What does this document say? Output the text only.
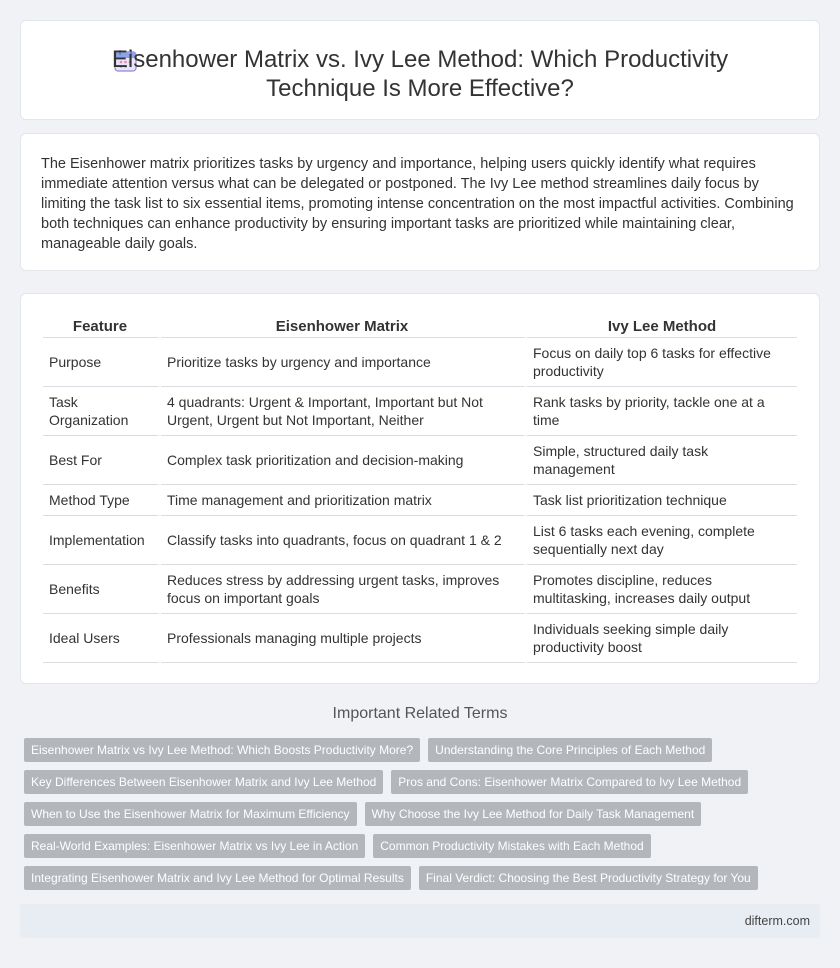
Eisenhower Matrix vs. Ivy Lee Method: Which Productivity
Technique Is More Effective?

The Eisenhower matrix prioritizes tasks by urgency and importance, helping users quickly identify what requires immediate attention versus what can be delegated or postponed. The Ivy Lee method streamlines daily focus by limiting the task list to six essential items, promoting intense concentration on the most impactful activities. Combining both techniques can enhance productivity by ensuring important tasks are prioritized while maintaining clear, manageable daily goals.

Feature	Eisenhower Matrix	Ivy Lee Method
Purpose	Prioritize tasks by urgency and importance	Focus on daily top 6 tasks for effective productivity
Task Organization	4 quadrants: Urgent & Important, Important but Not Urgent, Urgent but Not Important, Neither	Rank tasks by priority, tackle one at a time
Best For	Complex task prioritization and decision-making	Simple, structured daily task management
Method Type	Time management and prioritization matrix	Task list prioritization technique
Implementation	Classify tasks into quadrants, focus on quadrant 1 & 2	List 6 tasks each evening, complete sequentially next day
Benefits	Reduces stress by addressing urgent tasks, improves focus on important goals	Promotes discipline, reduces multitasking, increases daily output
Ideal Users	Professionals managing multiple projects	Individuals seeking simple daily productivity boost
Important Related Terms
Eisenhower Matrix vs Ivy Lee Method: Which Boosts Productivity More?	Understanding the Core Principles of Each Method
Key Differences Between Eisenhower Matrix and Ivy Lee Method	Pros and Cons: Eisenhower Matrix Compared to Ivy Lee Method
When to Use the Eisenhower Matrix for Maximum Efficiency	Why Choose the Ivy Lee Method for Daily Task Management
Real-World Examples: Eisenhower Matrix vs Ivy Lee in Action	Common Productivity Mistakes with Each Method
Integrating Eisenhower Matrix and Ivy Lee Method for Optimal Results	Final Verdict: Choosing the Best Productivity Strategy for You
difterm.com
